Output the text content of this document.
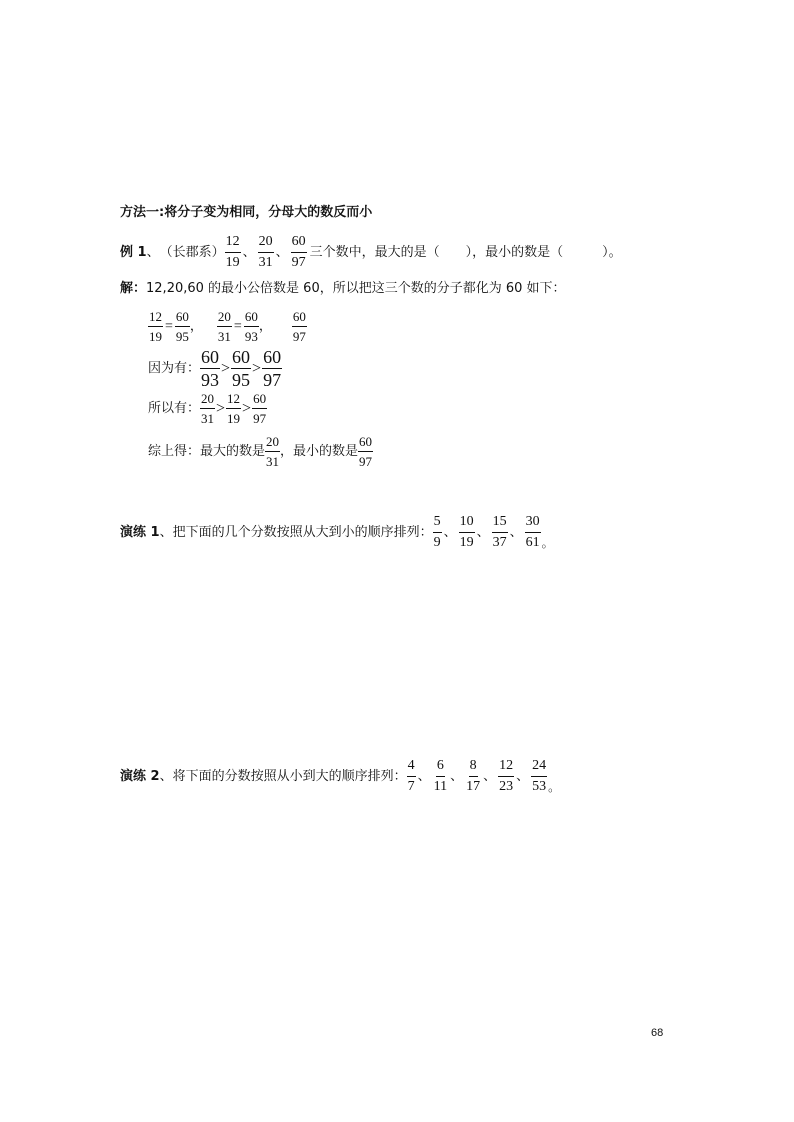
方法一:将分子变为相同，分母大的数反而小
例 1 、 （长郡系） $\frac{12}{19}$ 、 $\frac{20}{31}$ 、 $\frac{60}{97}$ 三个数中，最大的是（　　），最小的数是（　　　）。
解： 12,20,60 的最小公倍数是 60，所以把这三个数的分子都化为 60 如下：
$\frac{12}{19} = \frac{60}{95}$ ， $\frac{20}{31} = \frac{60}{93}$ ， $\frac{60}{97}$
因为有： $\frac{60}{93} > \frac{60}{95} > \frac{60}{97}$
所以有： $\frac{20}{31} > \frac{12}{19} > \frac{60}{97}$
综上得：最大的数是 $\frac{20}{31}$ ，最小的数是 $\frac{60}{97}$
演练 1 、 把下面的几个分数按照从大到小的顺序排列： $\frac{5}{9}$ 、 $\frac{10}{19}$ 、 $\frac{15}{37}$ 、 $\frac{30}{61}$ 。
演练 2 、 将下面的分数按照从小到大的顺序排列： $\frac{4}{7}$ 、 $\frac{6}{11}$ 、 $\frac{8}{17}$ 、 $\frac{12}{23}$ 、 $\frac{24}{53}$ 。
68
